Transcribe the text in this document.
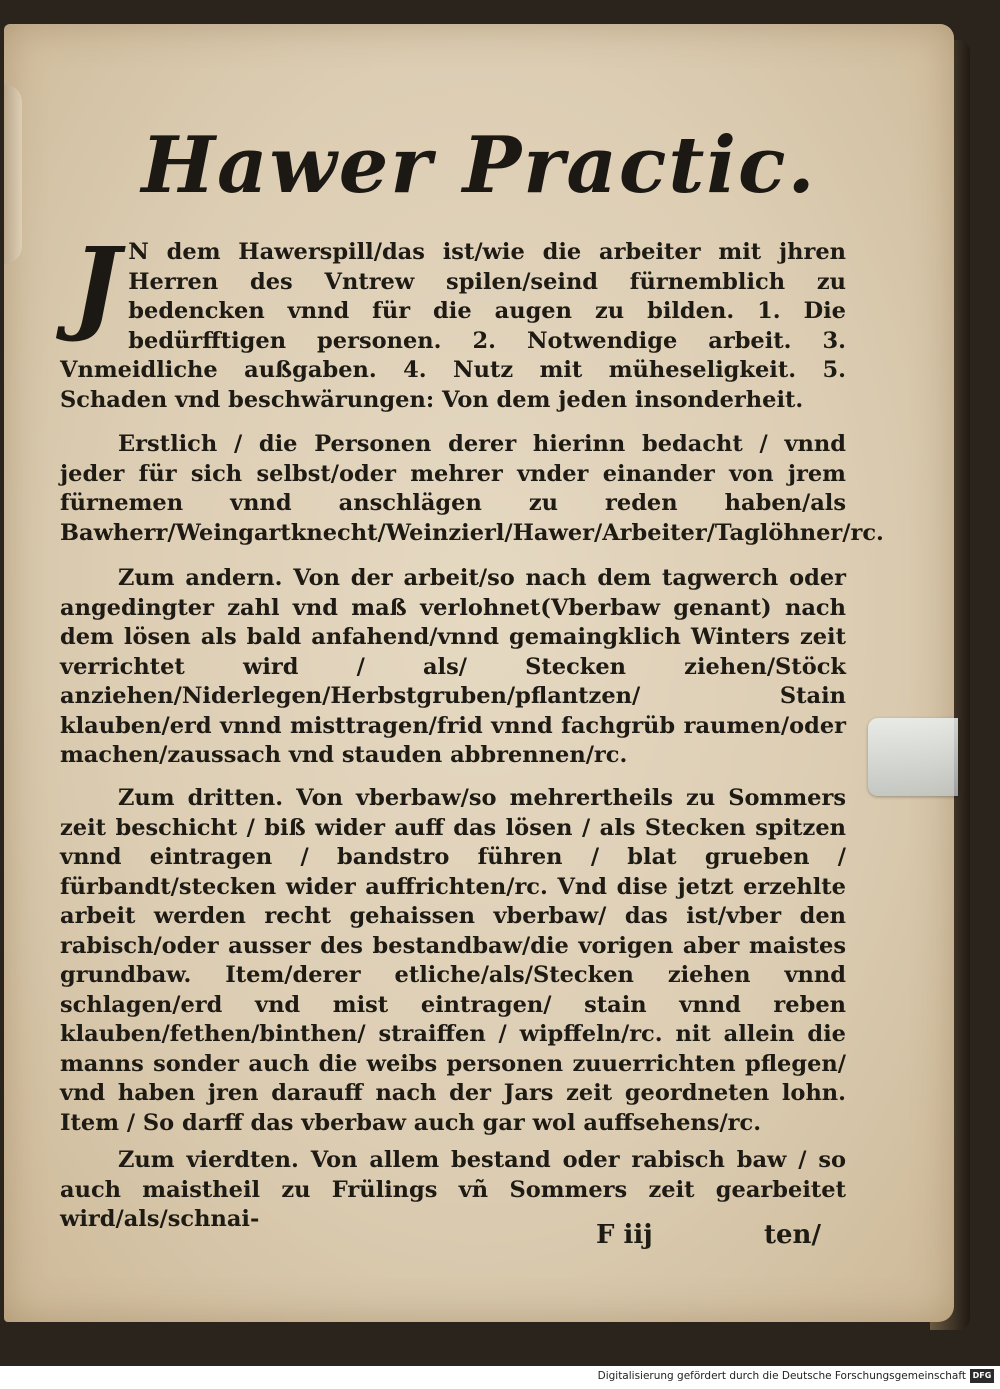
Hawer Practic.
J N dem Hawerspill/das ist/wie die arbeiter mit jhren Herren des Vntrew spilen/seind fürnemblich zu bedencken vnnd für die augen zu bilden. 1. Die bedürfftigen personen. 2. Notwendige arbeit. 3. Vnmeidliche außgaben. 4. Nutz mit müheseligkeit. 5. Schaden vnd beschwärungen: Von dem jeden insonderheit.
Erstlich / die Personen derer hierinn bedacht / vnnd jeder für sich selbst/oder mehrer vnder einander von jrem fürnemen vnnd anschlägen zu reden haben/als Bawherr/Weingartknecht/Weinzierl/Hawer/Arbeiter/Taglöhner/rc.
Zum andern. Von der arbeit/so nach dem tagwerch oder angedingter zahl vnd maß verlohnet(Vberbaw genant) nach dem lösen als bald anfahend/vnnd gemaingklich Winters zeit verrichtet wird / als/ Stecken ziehen/Stöck anziehen/Niderlegen/Herbstgruben/pflantzen/ Stain klauben/erd vnnd misttragen/frid vnnd fachgrüb raumen/oder machen/zaussach vnd stauden abbrennen/rc.
Zum dritten. Von vberbaw/so mehrertheils zu Sommers zeit beschicht / biß wider auff das lösen / als Stecken spitzen vnnd eintragen / bandstro führen / blat grueben / fürbandt/stecken wider auffrichten/rc. Vnd dise jetzt erzehlte arbeit werden recht gehaissen vberbaw/ das ist/vber den rabisch/oder ausser des bestandbaw/die vorigen aber maistes grundbaw. Item/derer etliche/als/Stecken ziehen vnnd schlagen/erd vnd mist eintragen/ stain vnnd reben klauben/fethen/binthen/ straiffen / wipffeln/rc. nit allein die manns sonder auch die weibs personen zuuerrichten pflegen/ vnd haben jren darauff nach der Jars zeit geordneten lohn. Item / So darff das vberbaw auch gar wol auffsehens/rc.
Zum vierdten. Von allem bestand oder rabisch baw / so auch maistheil zu Frülings vñ Sommers zeit gearbeitet wird/als/schnai-
F iij	ten/
Digitalisierung gefördert durch die Deutsche Forschungsgemeinschaft DFG
